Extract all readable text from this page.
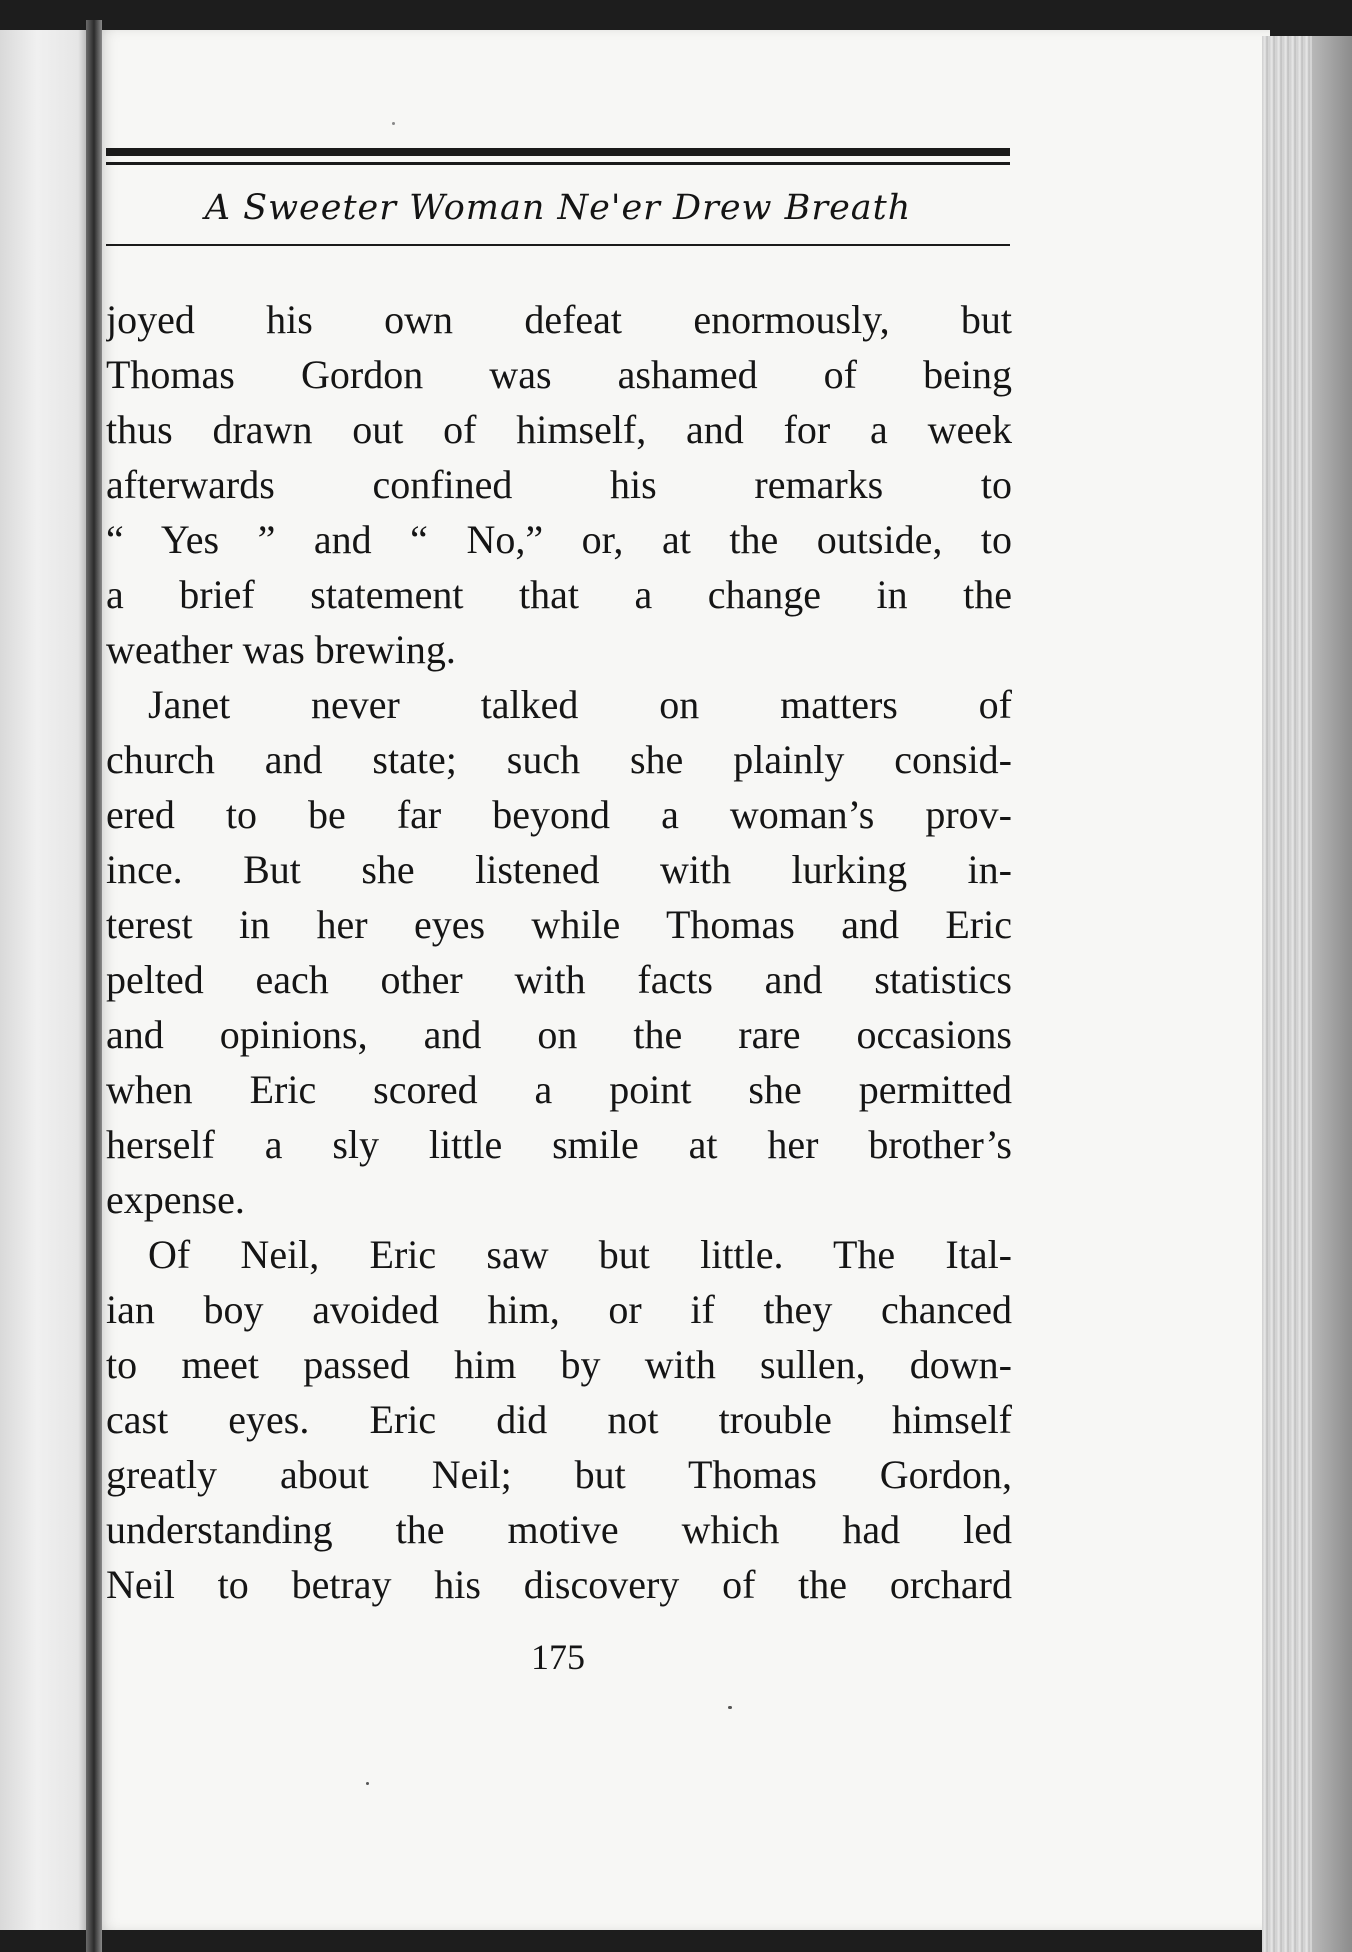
A Sweeter Woman Ne'er Drew Breath
joyed his own defeat enormously, but
Thomas Gordon was ashamed of being
thus drawn out of himself, and for a week
afterwards confined his remarks to
“ Yes ” and “ No,” or, at the outside, to
a brief statement that a change in the
weather was brewing.
Janet never talked on matters of
church and state; such she plainly consid-
ered to be far beyond a woman’s prov-
ince. But she listened with lurking in-
terest in her eyes while Thomas and Eric
pelted each other with facts and statistics
and opinions, and on the rare occasions
when Eric scored a point she permitted
herself a sly little smile at her brother’s
expense.
Of Neil, Eric saw but little. The Ital-
ian boy avoided him, or if they chanced
to meet passed him by with sullen, down-
cast eyes. Eric did not trouble himself
greatly about Neil; but Thomas Gordon,
understanding the motive which had led
Neil to betray his discovery of the orchard
175
